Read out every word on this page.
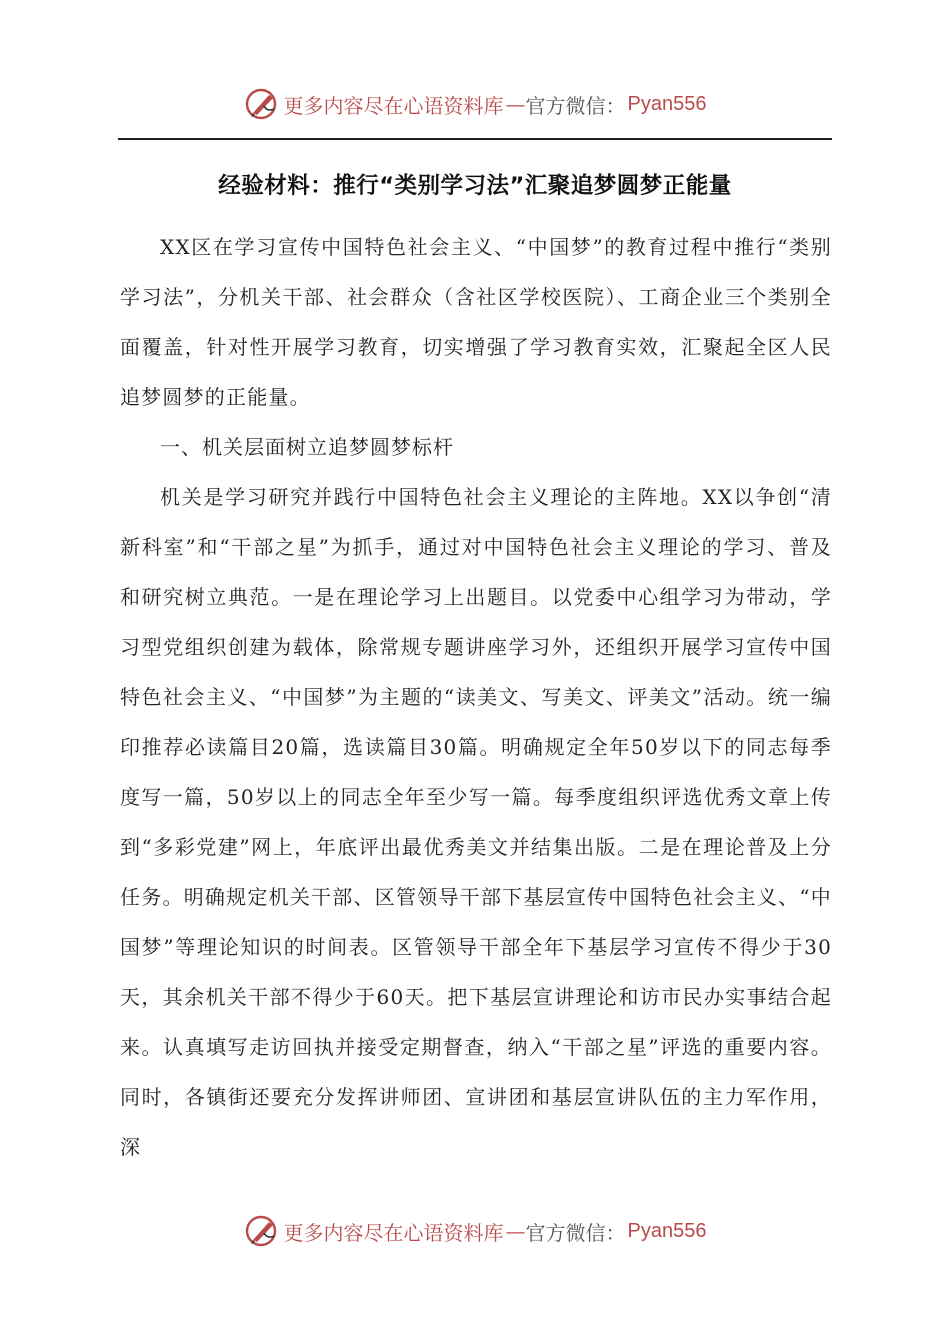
更多内容尽在心语资料库 — 官方微信： Pyan556
经验材料：推行“类别学习法”汇聚追梦圆梦正能量

XX区在学习宣传中国特色社会主义、“中国梦”的教育过程中推行“类别学习法”，分机关干部、社会群众（含社区学校医院）、工商企业三个类别全面覆盖，针对性开展学习教育，切实增强了学习教育实效，汇聚起全区人民追梦圆梦的正能量。

一、机关层面树立追梦圆梦标杆

机关是学习研究并践行中国特色社会主义理论的主阵地。XX以争创“清新科室”和“干部之星”为抓手，通过对中国特色社会主义理论的学习、普及和研究树立典范。一是在理论学习上出题目。以党委中心组学习为带动，学习型党组织创建为载体，除常规专题讲座学习外，还组织开展学习宣传中国特色社会主义、“中国梦”为主题的“读美文、写美文、评美文”活动。统一编印推荐必读篇目20篇，选读篇目30篇。明确规定全年50岁以下的同志每季度写一篇，50岁以上的同志全年至少写一篇。每季度组织评选优秀文章上传到“多彩党建”网上，年底评出最优秀美文并结集出版。二是在理论普及上分任务。明确规定机关干部、区管领导干部下基层宣传中国特色社会主义、“中国梦”等理论知识的时间表。区管领导干部全年下基层学习宣传不得少于30天，其余机关干部不得少于60天。把下基层宣讲理论和访市民办实事结合起来。认真填写走访回执并接受定期督查，纳入“干部之星”评选的重要内容。同时，各镇街还要充分发挥讲师团、宣讲团和基层宣讲队伍的主力军作用，深

更多内容尽在心语资料库 — 官方微信： Pyan556
